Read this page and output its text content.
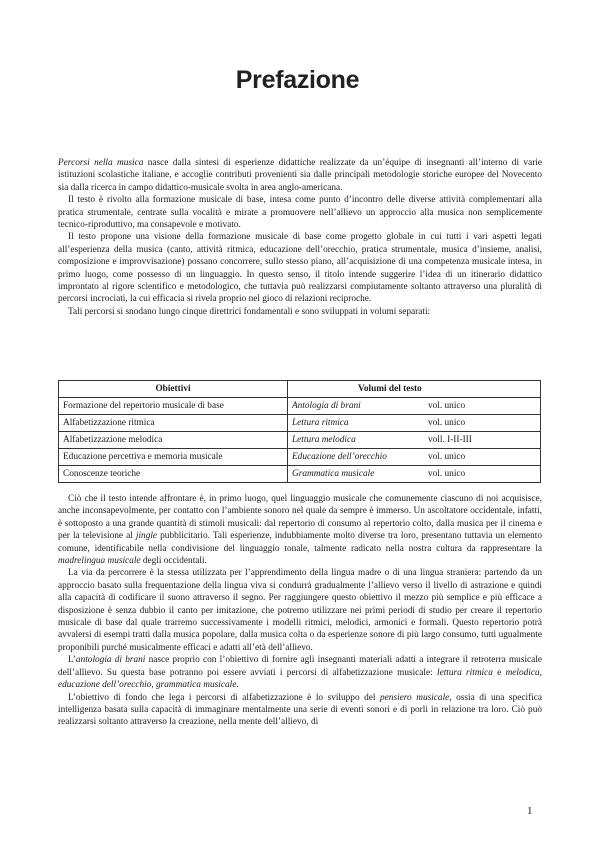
Prefazione

Percorsi nella musica nasce dalla sintesi di esperienze didattiche realizzate da un’équipe di insegnanti all’interno di varie istituzioni scolastiche italiane, e accoglie contributi provenienti sia dalle principali metodologie storiche europee del Novecento sia dalla ricerca in campo didattico-musicale svolta in area anglo-americana.

Il testo è rivolto alla formazione musicale di base, intesa come punto d’incontro delle diverse attività complementari alla pratica strumentale, centrate sulla vocalità e mirate a promuovere nell’allievo un approccio alla musica non semplicemente tecnico-riproduttivo, ma consapevole e motivato.

Il testo propone una visione della formazione musicale di base come progetto globale in cui tutti i vari aspetti legati all’esperienza della musica (canto, attività ritmica, educazione dell’orecchio, pratica strumentale, musica d’insieme, analisi, composizione e improvvisazione) possano concorrere, sullo stesso piano, all’acquisizione di una competenza musicale intesa, in primo luogo, come possesso di un linguaggio. In questo senso, il titolo intende suggerire l’idea di un itinerario didattico improntato al rigore scientifico e metodologico, che tuttavia può realizzarsi compiutamente soltanto attraverso una pluralità di percorsi incrociati, la cui efficacia si rivela proprio nel gioco di relazioni reciproche.

Tali percorsi si snodano lungo cinque direttrici fondamentali e sono sviluppati in volumi separati:

Obiettivi	Volumi del testo	
Formazione del repertorio musicale di base	Antologia di brani	vol. unico
Alfabetizzazione ritmica	Lettura ritmica	vol. unico
Alfabetizzazione melodica	Lettura melodica	voll. I-II-III
Educazione percettiva e memoria musicale	Educazione dell’orecchio	vol. unico
Conoscenze teoriche	Grammatica musicale	vol. unico

Ciò che il testo intende affrontare è, in primo luogo, quel linguaggio musicale che comunemente ciascuno di noi acquisisce, anche inconsapevolmente, per contatto con l’ambiente sonoro nel quale da sempre è immerso. Un ascoltatore occidentale, infatti, è sottoposto a una grande quantità di stimoli musicali: dal repertorio di consumo al repertorio colto, dalla musica per il cinema e per la televisione al jingle pubblicitario. Tali esperienze, indubbiamente molto diverse tra loro, presentano tuttavia un elemento comune, identificabile nella condivisione del linguaggio tonale, talmente radicato nella nostra cultura da rappresentare la madrelingua musicale degli occidentali.

La via da percorrere è la stessa utilizzata per l’apprendimento della lingua madre o di una lingua straniera: partendo da un approccio basato sulla frequentazione della lingua viva si condurrà gradualmente l’allievo verso il livello di astrazione e quindi alla capacità di codificare il suono attraverso il segno. Per raggiungere questo obiettivo il mezzo più semplice e più efficace a disposizione è senza dubbio il canto per imitazione, che potremo utilizzare nei primi periodi di studio per creare il repertorio musicale di base dal quale trarremo successivamente i modelli ritmici, melodici, armonici e formali. Questo repertorio potrà avvalersi di esempi tratti dalla musica popolare, dalla musica colta o da esperienze sonore di più largo consumo, tutti ugualmente proponibili purché musicalmente efficaci e adatti all’età dell’allievo.

L’antologia di brani nasce proprio con l’obiettivo di fornire agli insegnanti materiali adatti a integrare il retroterra musicale dell’allievo. Su questa base potranno poi essere avviati i percorsi di alfabetizzazione musicale: lettura ritmica e melodica, educazione dell’orecchio, grammatica musicale.

L’obiettivo di fondo che lega i percorsi di alfabetizzazione è lo sviluppo del pensiero musicale, ossia di una specifica intelligenza basata sulla capacità di immaginare mentalmente una serie di eventi sonori e di porli in relazione tra loro. Ciò può realizzarsi soltanto attraverso la creazione, nella mente dell’allievo, di

1
